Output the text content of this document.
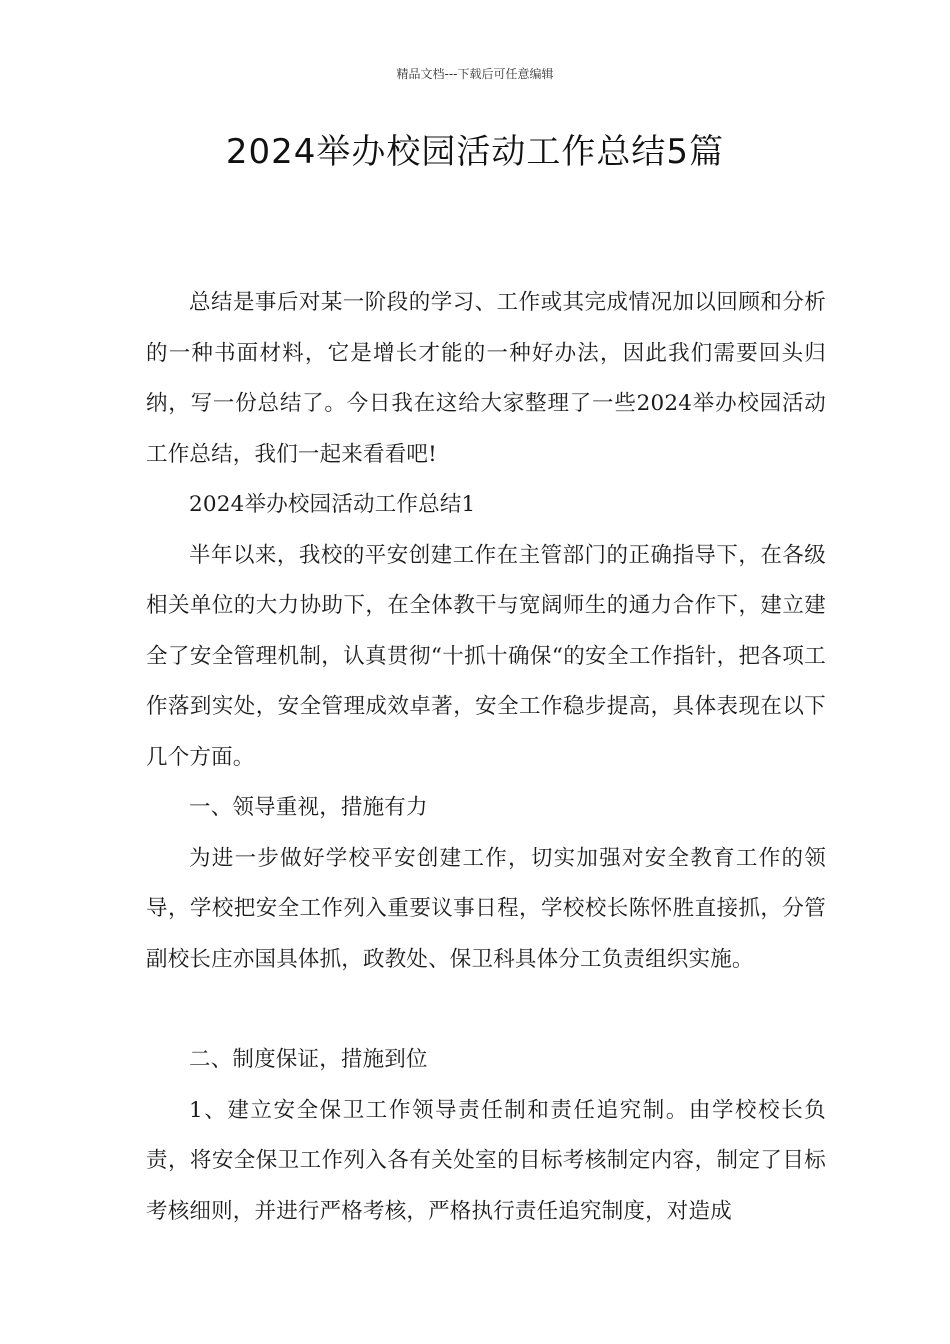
精品文档---下载后可任意编辑
2024举办校园活动工作总结5篇

总结是事后对某一阶段的学习、工作或其完成情况加以回顾和分析的一种书面材料，它是增长才能的一种好办法，因此我们需要回头归纳，写一份总结了。今日我在这给大家整理了一些2024举办校园活动工作总结，我们一起来看看吧!

2024举办校园活动工作总结1

半年以来，我校的平安创建工作在主管部门的正确指导下，在各级相关单位的大力协助下，在全体教干与宽阔师生的通力合作下，建立建全了安全管理机制，认真贯彻“十抓十确保“的安全工作指针，把各项工作落到实处，安全管理成效卓著，安全工作稳步提高，具体表现在以下几个方面。

一、领导重视，措施有力

为进一步做好学校平安创建工作，切实加强对安全教育工作的领导，学校把安全工作列入重要议事日程，学校校长陈怀胜直接抓，分管副校长庄亦国具体抓，政教处、保卫科具体分工负责组织实施。

二、制度保证，措施到位

1、建立安全保卫工作领导责任制和责任追究制。由学校校长负责，将安全保卫工作列入各有关处室的目标考核制定内容，制定了目标考核细则，并进行严格考核，严格执行责任追究制度，对造成
